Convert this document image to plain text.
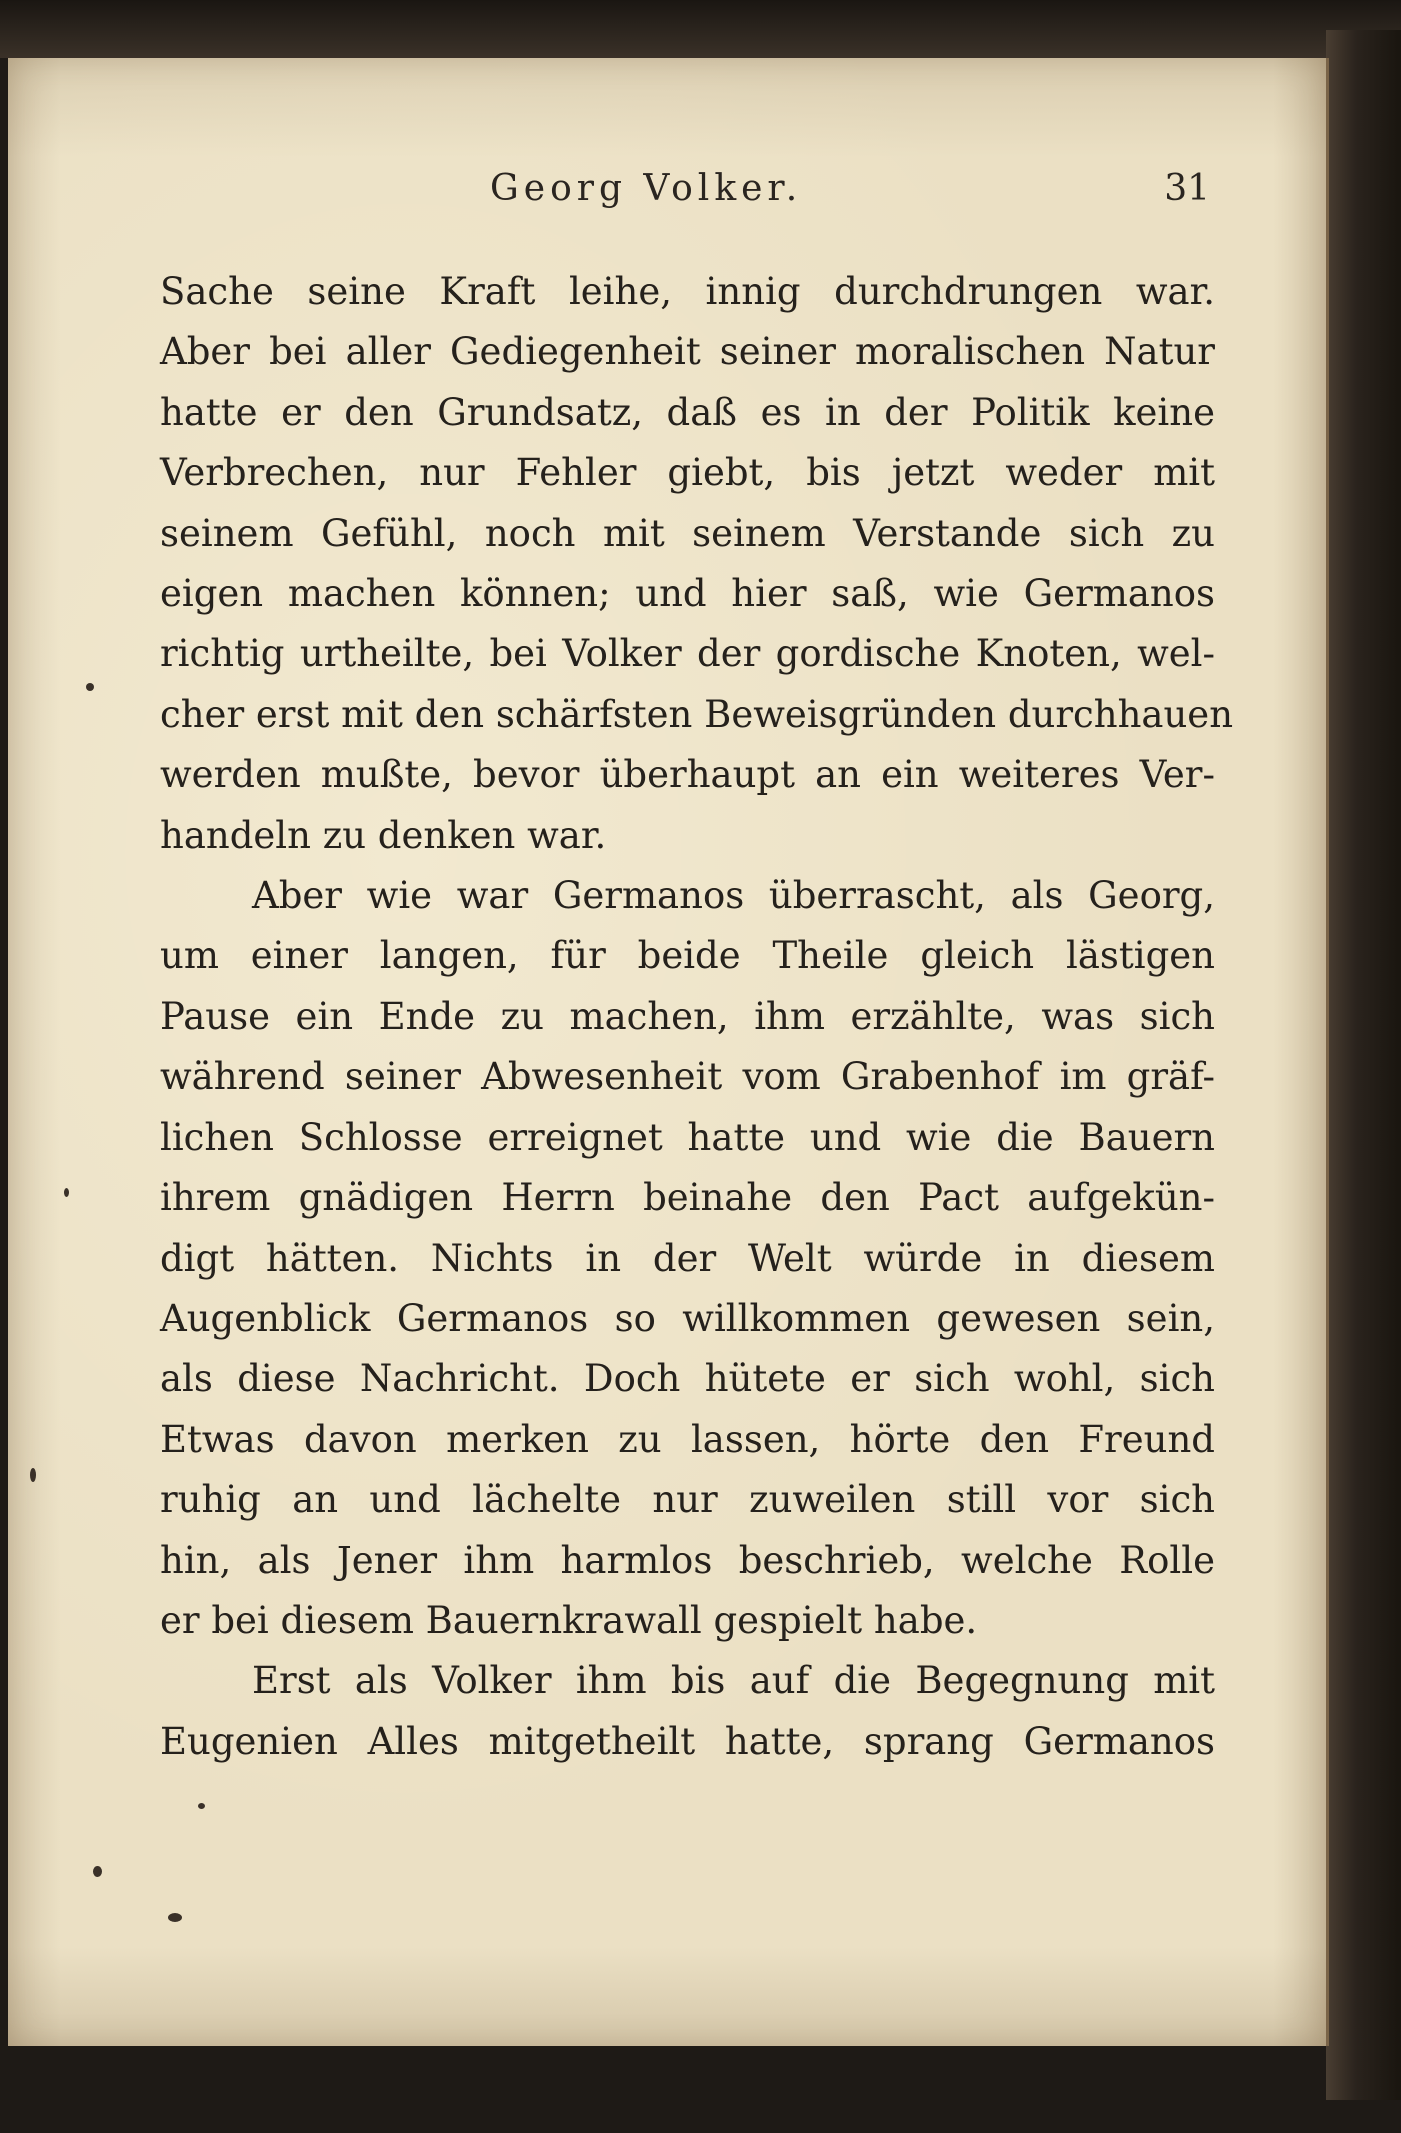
Georg Volker.	31
Sache seine Kraft leihe, innig durchdrungen war.
Aber bei aller Gediegenheit seiner moralischen Natur
hatte er den Grundsatz, daß es in der Politik keine
Verbrechen, nur Fehler giebt, bis jetzt weder mit
seinem Gefühl, noch mit seinem Verstande sich zu
eigen machen können; und hier saß, wie Germanos
richtig urtheilte, bei Volker der gordische Knoten, wel-
cher erst mit den schärfsten Beweisgründen durchhauen
werden mußte, bevor überhaupt an ein weiteres Ver-
handeln zu denken war.
Aber wie war Germanos überrascht, als Georg,
um einer langen, für beide Theile gleich lästigen
Pause ein Ende zu machen, ihm erzählte, was sich
während seiner Abwesenheit vom Grabenhof im gräf-
lichen Schlosse erreignet hatte und wie die Bauern
ihrem gnädigen Herrn beinahe den Pact aufgekün-
digt hätten. Nichts in der Welt würde in diesem
Augenblick Germanos so willkommen gewesen sein,
als diese Nachricht. Doch hütete er sich wohl, sich
Etwas davon merken zu lassen, hörte den Freund
ruhig an und lächelte nur zuweilen still vor sich
hin, als Jener ihm harmlos beschrieb, welche Rolle
er bei diesem Bauernkrawall gespielt habe.
Erst als Volker ihm bis auf die Begegnung mit
Eugenien Alles mitgetheilt hatte, sprang Germanos
